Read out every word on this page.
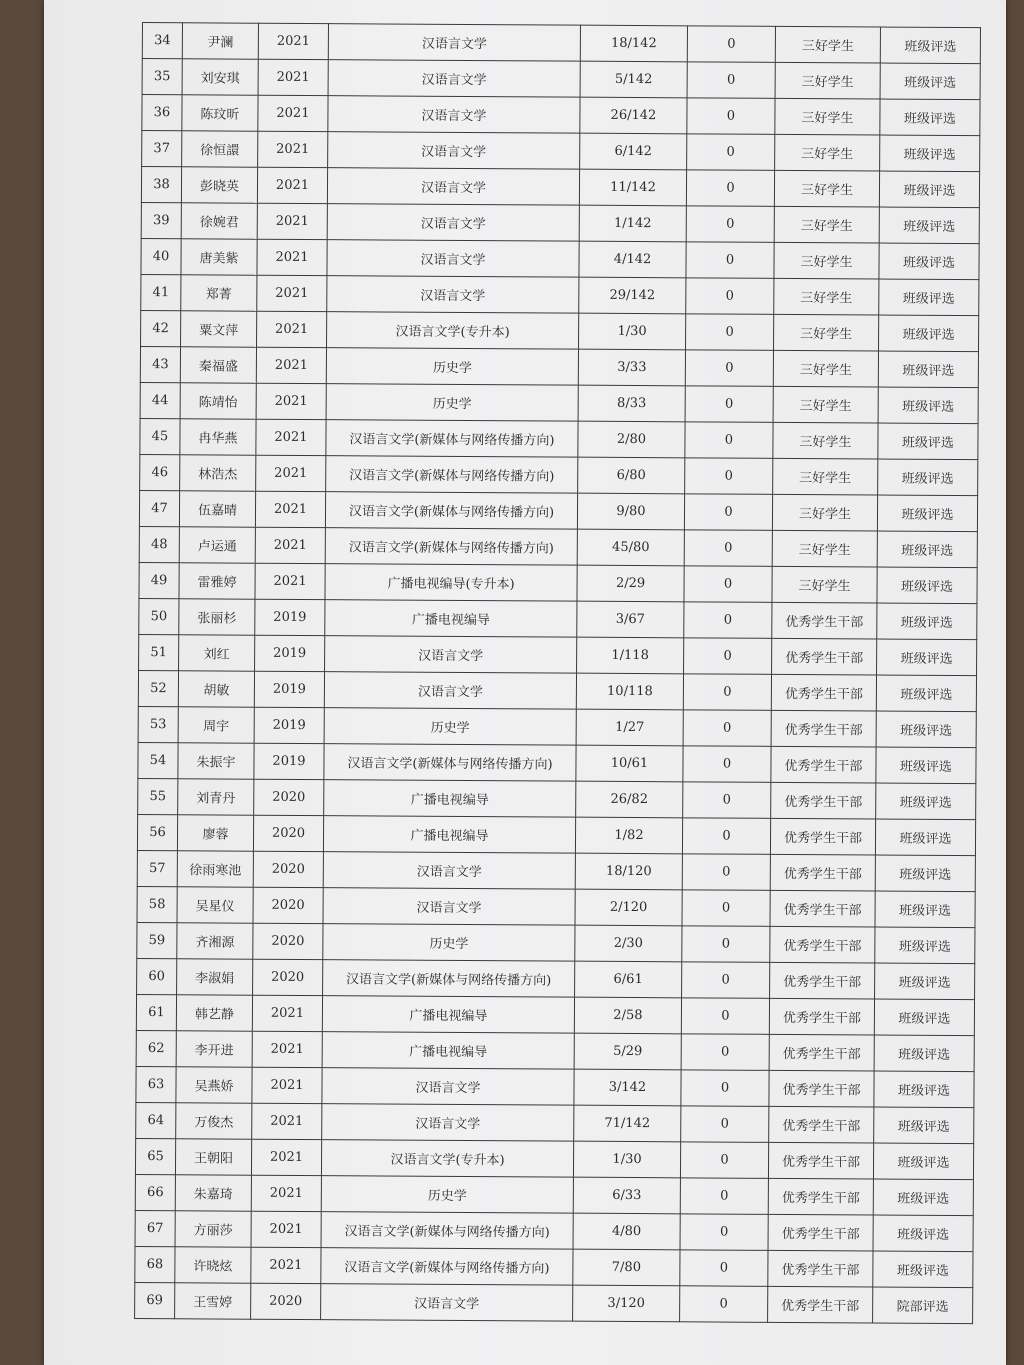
34	尹澜	2021	汉语言文学	18/142	0	三好学生	班级评选
35	刘安琪	2021	汉语言文学	5/142	0	三好学生	班级评选
36	陈玟昕	2021	汉语言文学	26/142	0	三好学生	班级评选
37	徐恒譞	2021	汉语言文学	6/142	0	三好学生	班级评选
38	彭晓英	2021	汉语言文学	11/142	0	三好学生	班级评选
39	徐婉君	2021	汉语言文学	1/142	0	三好学生	班级评选
40	唐美紫	2021	汉语言文学	4/142	0	三好学生	班级评选
41	郑菁	2021	汉语言文学	29/142	0	三好学生	班级评选
42	粟文萍	2021	汉语言文学(专升本)	1/30	0	三好学生	班级评选
43	秦福盛	2021	历史学	3/33	0	三好学生	班级评选
44	陈靖怡	2021	历史学	8/33	0	三好学生	班级评选
45	冉华燕	2021	汉语言文学(新媒体与网络传播方向)	2/80	0	三好学生	班级评选
46	林浩杰	2021	汉语言文学(新媒体与网络传播方向)	6/80	0	三好学生	班级评选
47	伍嘉晴	2021	汉语言文学(新媒体与网络传播方向)	9/80	0	三好学生	班级评选
48	卢运通	2021	汉语言文学(新媒体与网络传播方向)	45/80	0	三好学生	班级评选
49	雷雅婷	2021	广播电视编导(专升本)	2/29	0	三好学生	班级评选
50	张丽杉	2019	广播电视编导	3/67	0	优秀学生干部	班级评选
51	刘红	2019	汉语言文学	1/118	0	优秀学生干部	班级评选
52	胡敏	2019	汉语言文学	10/118	0	优秀学生干部	班级评选
53	周宇	2019	历史学	1/27	0	优秀学生干部	班级评选
54	朱振宇	2019	汉语言文学(新媒体与网络传播方向)	10/61	0	优秀学生干部	班级评选
55	刘青丹	2020	广播电视编导	26/82	0	优秀学生干部	班级评选
56	廖蓉	2020	广播电视编导	1/82	0	优秀学生干部	班级评选
57	徐雨寒池	2020	汉语言文学	18/120	0	优秀学生干部	班级评选
58	吴星仪	2020	汉语言文学	2/120	0	优秀学生干部	班级评选
59	齐湘源	2020	历史学	2/30	0	优秀学生干部	班级评选
60	李淑娟	2020	汉语言文学(新媒体与网络传播方向)	6/61	0	优秀学生干部	班级评选
61	韩艺静	2021	广播电视编导	2/58	0	优秀学生干部	班级评选
62	李开进	2021	广播电视编导	5/29	0	优秀学生干部	班级评选
63	吴燕娇	2021	汉语言文学	3/142	0	优秀学生干部	班级评选
64	万俊杰	2021	汉语言文学	71/142	0	优秀学生干部	班级评选
65	王朝阳	2021	汉语言文学(专升本)	1/30	0	优秀学生干部	班级评选
66	朱嘉琦	2021	历史学	6/33	0	优秀学生干部	班级评选
67	方丽莎	2021	汉语言文学(新媒体与网络传播方向)	4/80	0	优秀学生干部	班级评选
68	许晓炫	2021	汉语言文学(新媒体与网络传播方向)	7/80	0	优秀学生干部	班级评选
69	王雪婷	2020	汉语言文学	3/120	0	优秀学生干部	院部评选
